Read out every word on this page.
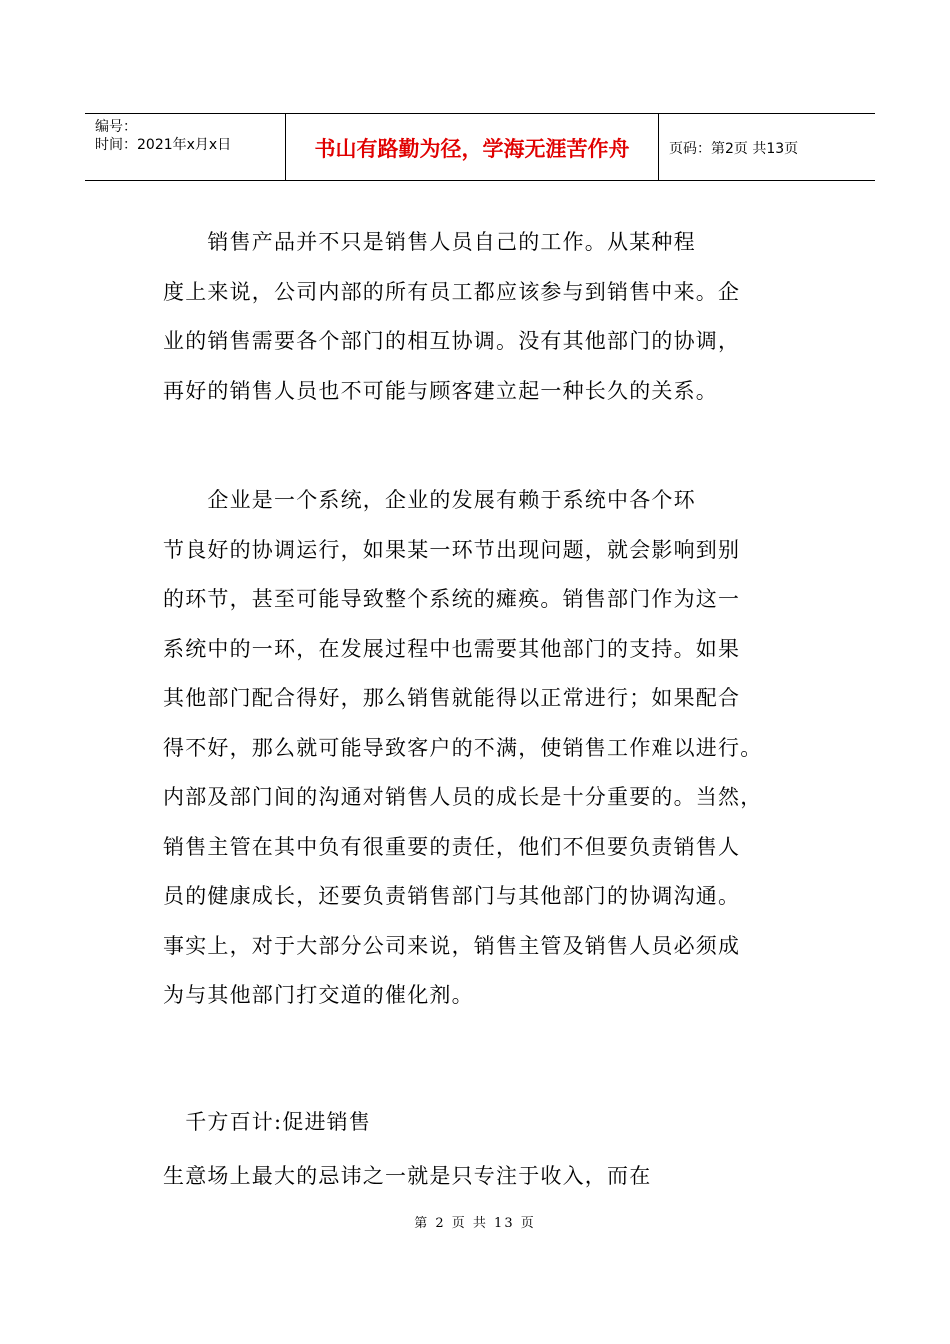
编号：
时间：2021年x月x日	书山有路勤为径，学海无涯苦作舟	页码：第2页 共13页
　　销售产品并不只是销售人员自己的工作。从某种程
度上来说，公司内部的所有员工都应该参与到销售中来。企
业的销售需要各个部门的相互协调。没有其他部门的协调，
再好的销售人员也不可能与顾客建立起一种长久的关系。
　　企业是一个系统，企业的发展有赖于系统中各个环
节良好的协调运行，如果某一环节出现问题，就会影响到别
的环节，甚至可能导致整个系统的瘫痪。销售部门作为这一
系统中的一环，在发展过程中也需要其他部门的支持。如果
其他部门配合得好，那么销售就能得以正常进行；如果配合
得不好，那么就可能导致客户的不满，使销售工作难以进行。
内部及部门间的沟通对销售人员的成长是十分重要的。当然，
销售主管在其中负有很重要的责任，他们不但要负责销售人
员的健康成长，还要负责销售部门与其他部门的协调沟通。
事实上，对于大部分公司来说，销售主管及销售人员必须成
为与其他部门打交道的催化剂。
　千方百计:促进销售
生意场上最大的忌讳之一就是只专注于收入，而在
第 2 页 共 13 页
